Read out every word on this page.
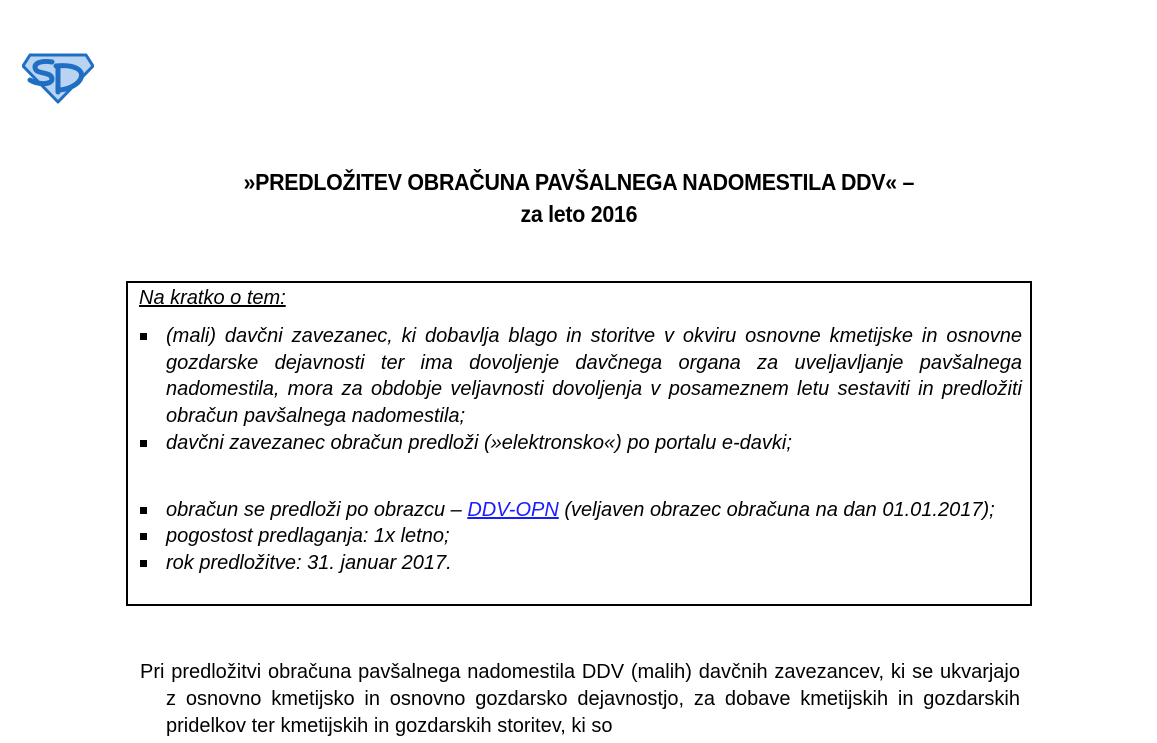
»PREDLOŽITEV OBRAČUNA PAVŠALNEGA NADOMESTILA DDV« –
za leto 2016
Na kratko o tem:
(mali) davčni zavezanec, ki dobavlja blago in storitve v okviru osnovne kmetijske in osnovne gozdarske dejavnosti ter ima dovoljenje davčnega organa za uveljavljanje pavšalnega nadomestila, mora za obdobje veljavnosti dovoljenja v posameznem letu sestaviti in predložiti obračun pavšalnega nadomestila;
davčni zavezanec obračun predloži (»elektronsko«) po portalu e-davki;
obračun se predloži po obrazcu – DDV-OPN (veljaven obrazec obračuna na dan 01.01.2017);
pogostost predlaganja: 1x letno;
rok predložitve: 31. januar 2017.
Pri predložitvi obračuna pavšalnega nadomestila DDV (malih) davčnih zavezancev, ki se ukvarjajo z osnovno kmetijsko in osnovno gozdarsko dejavnostjo, za dobave kmetijskih in gozdarskih pridelkov ter kmetijskih in gozdarskih storitev, ki so
